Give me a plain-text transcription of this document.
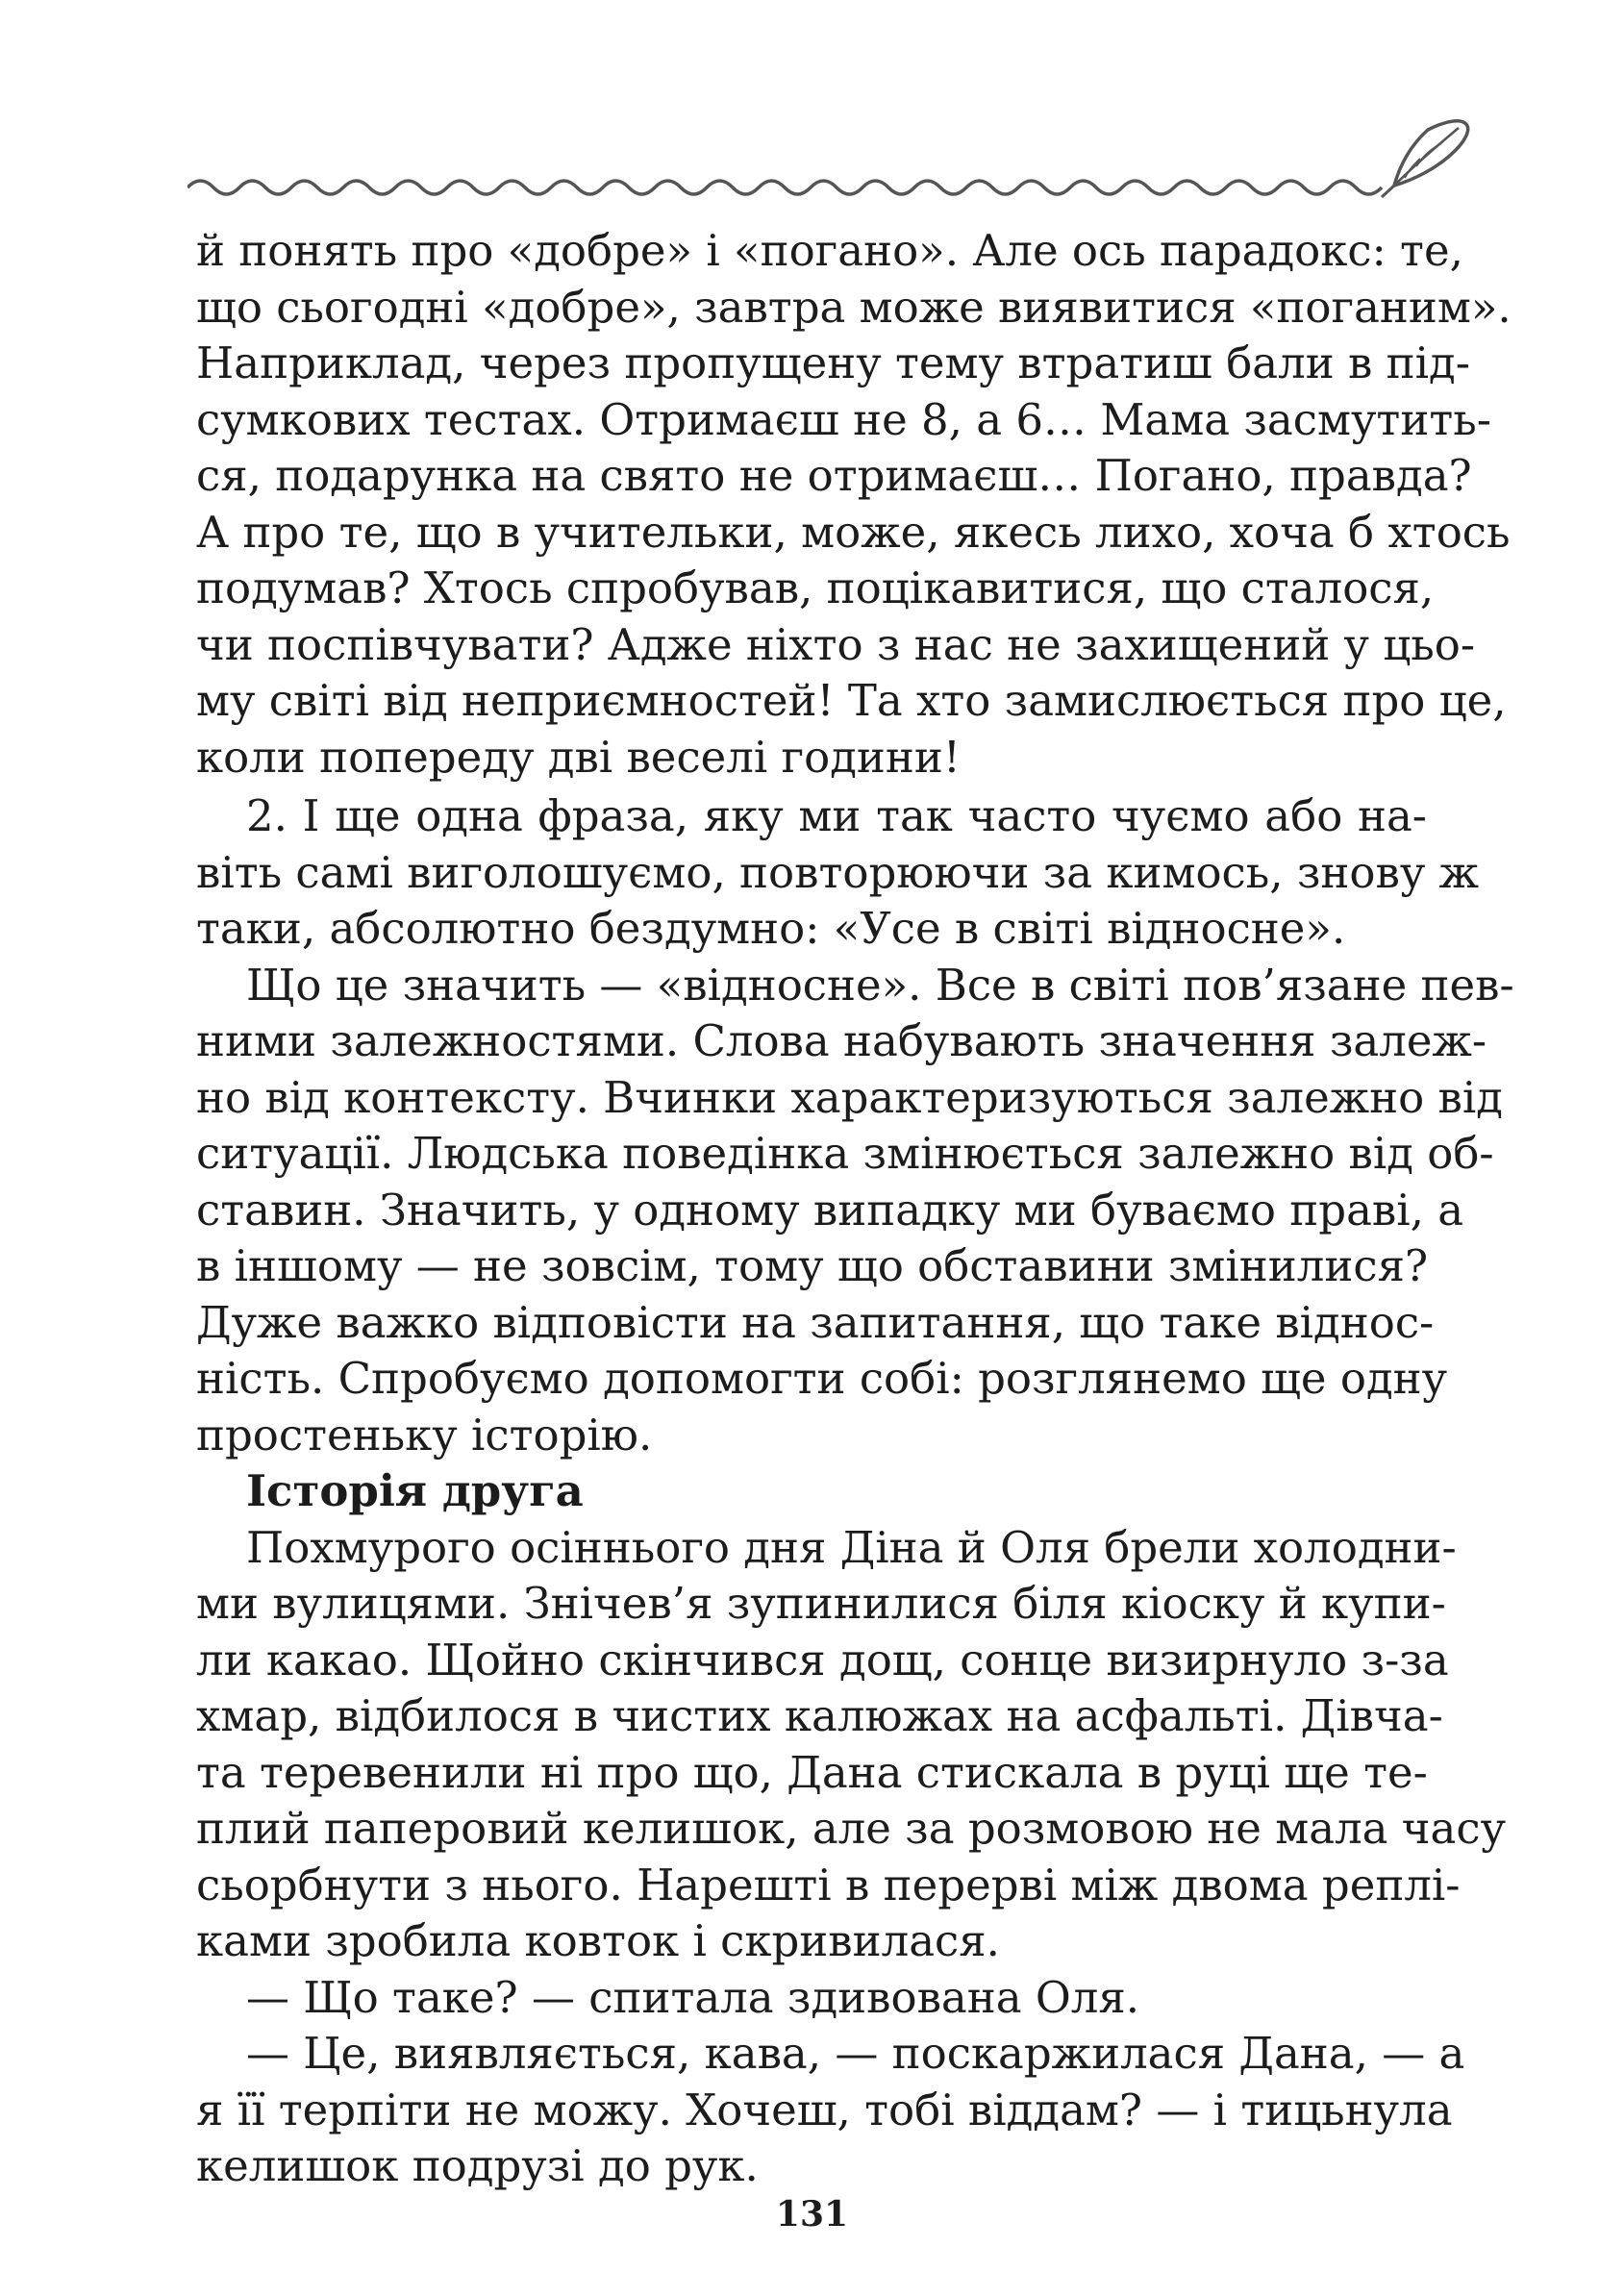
й понять про «добре» і «погано». Але ось парадокс: те,
що сьогодні «добре», завтра може виявитися «поганим».
Наприклад, через пропущену тему втратиш бали в під-
сумкових тестах. Отримаєш не 8, а 6… Мама засмутить-
ся, подарунка на свято не отримаєш… Погано, правда?
А про те, що в учительки, може, якесь лихо, хоча б хтось
подумав? Хтось спробував, поцікавитися, що сталося,
чи поспівчувати? Адже ніхто з нас не захищений у цьо-
му світі від неприємностей! Та хто замислюється про це,
коли попереду дві веселі години!
2. І ще одна фраза, яку ми так часто чуємо або на-
віть самі виголошуємо, повторюючи за кимось, знову ж
таки, абсолютно бездумно: «Усе в світі відносне».
Що це значить — «відносне». Все в світі пов’язане пев-
ними залежностями. Слова набувають значення залеж-
но від контексту. Вчинки характеризуються залежно від
ситуації. Людська поведінка змінюється залежно від об-
ставин. Значить, у одному випадку ми буваємо праві, а
в іншому — не зовсім, тому що обставини змінилися?
Дуже важко відповісти на запитання, що таке віднос-
ність. Спробуємо допомогти собі: розглянемо ще одну
простеньку історію.
Історія друга
Похмурого осіннього дня Діна й Оля брели холодни-
ми вулицями. Знічев’я зупинилися біля кіоску й купи-
ли какао. Щойно скінчився дощ, сонце визирнуло з-за
хмар, відбилося в чистих калюжах на асфальті. Дівча-
та теревенили ні про що, Дана стискала в руці ще те-
плий паперовий келишок, але за розмовою не мала часу
сьорбнути з нього. Нарешті в перерві між двома реплі-
ками зробила ковток і скривилася.
— Що таке? — спитала здивована Оля.
— Це, виявляється, кава, — поскаржилася Дана, — а
я її терпіти не можу. Хочеш, тобі віддам? — і тицьнула
келишок подрузі до рук.
131
